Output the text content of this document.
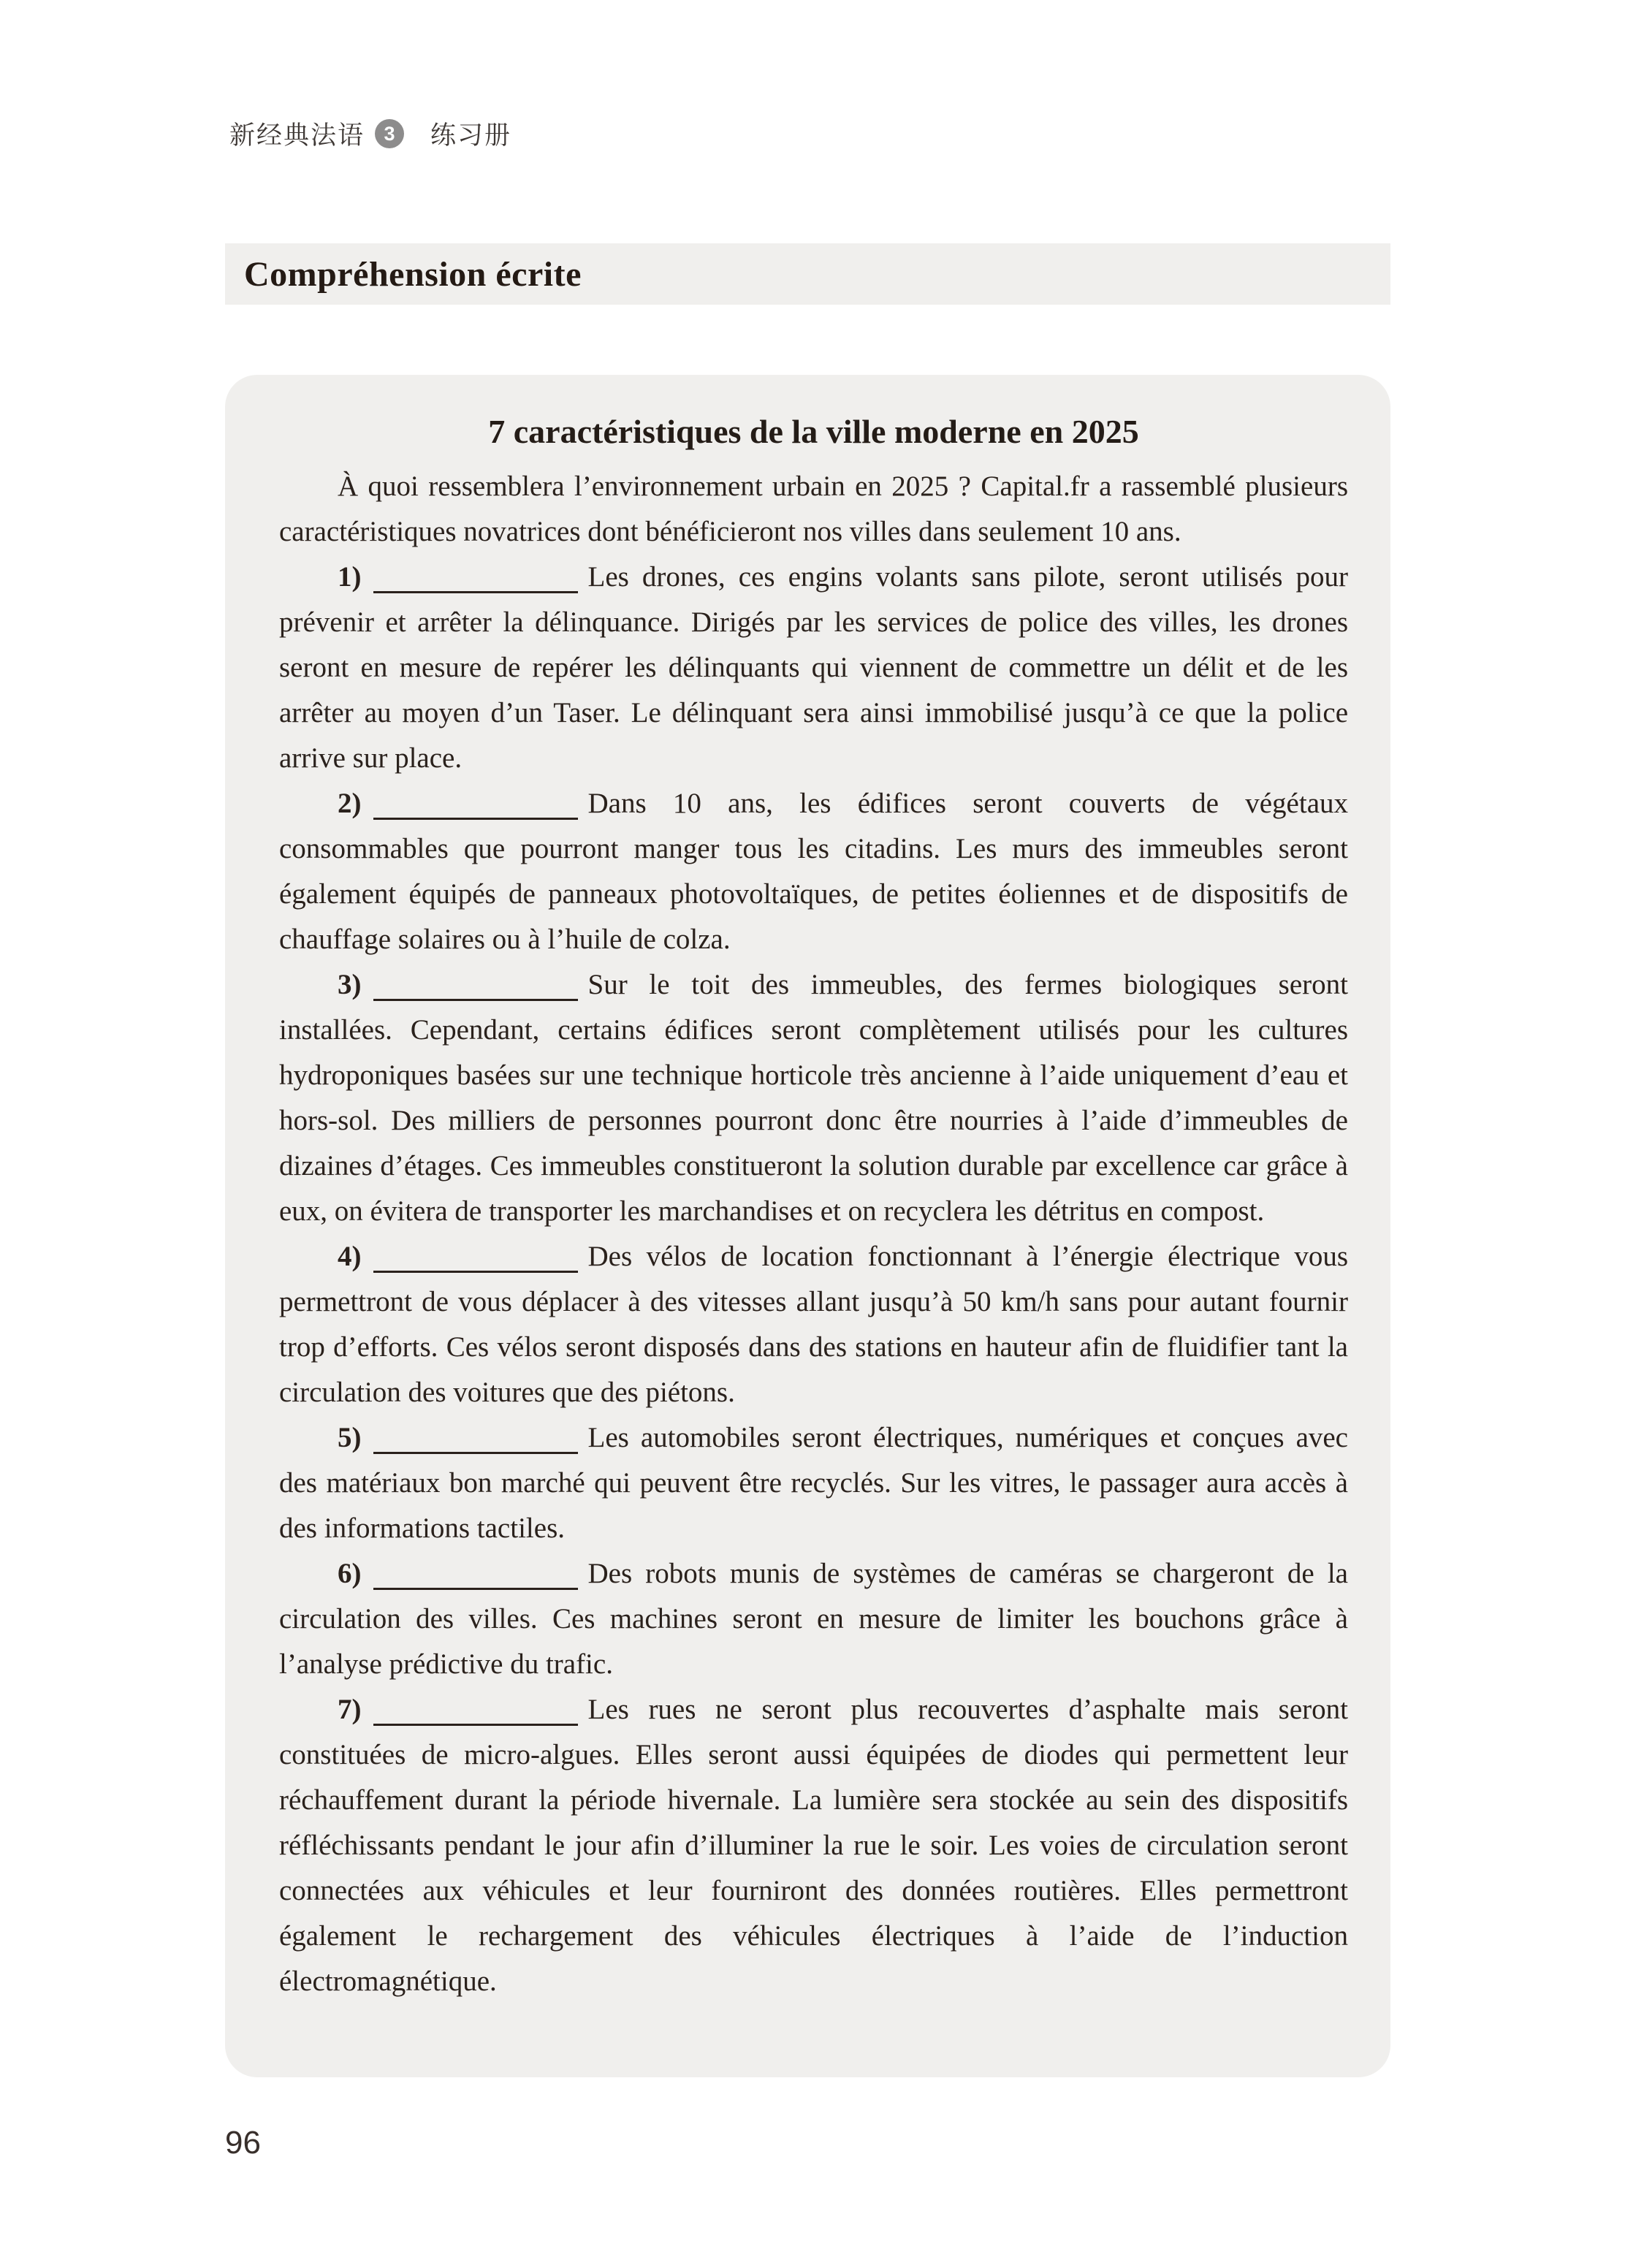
新经典法语 3 练习册
Compréhension écrite
7 caractéristiques de la ville moderne en 2025

À quoi ressemblera l’environnement urbain en 2025 ? Capital.fr a rassemblé plusieurs caractéristiques novatrices dont bénéficieront nos villes dans seulement 10 ans.

1)	Les drones, ces engins volants sans pilote, seront utilisés pour prévenir et arrêter la délinquance. Dirigés par les services de police des villes, les drones seront en mesure de repérer les délinquants qui viennent de commettre un délit et de les arrêter au moyen d’un Taser. Le délinquant sera ainsi immobilisé jusqu’à ce que la police arrive sur place.

2)	Dans 10 ans, les édifices seront couverts de végétaux consommables que pourront manger tous les citadins. Les murs des immeubles seront également équipés de panneaux photovoltaïques, de petites éoliennes et de dispositifs de chauffage solaires ou à l’huile de colza.

3)	Sur le toit des immeubles, des fermes biologiques seront installées. Cependant, certains édifices seront complètement utilisés pour les cultures hydroponiques basées sur une technique horticole très ancienne à l’aide uniquement d’eau et hors-sol. Des milliers de personnes pourront donc être nourries à l’aide d’immeubles de dizaines d’étages. Ces immeubles constitueront la solution durable par excellence car grâce à eux, on évitera de transporter les marchandises et on recyclera les détritus en compost.

4)	Des vélos de location fonctionnant à l’énergie électrique vous permettront de vous déplacer à des vitesses allant jusqu’à 50 km/h sans pour autant fournir trop d’efforts. Ces vélos seront disposés dans des stations en hauteur afin de fluidifier tant la circulation des voitures que des piétons.

5)	Les automobiles seront électriques, numériques et conçues avec des matériaux bon marché qui peuvent être recyclés. Sur les vitres, le passager aura accès à des informations tactiles.

6)	Des robots munis de systèmes de caméras se chargeront de la circulation des villes. Ces machines seront en mesure de limiter les bouchons grâce à l’analyse prédictive du trafic.

7)	Les rues ne seront plus recouvertes d’asphalte mais seront constituées de micro-algues. Elles seront aussi équipées de diodes qui permettent leur réchauffement durant la période hivernale. La lumière sera stockée au sein des dispositifs réfléchissants pendant le jour afin d’illuminer la rue le soir. Les voies de circulation seront connectées aux véhicules et leur fourniront des données routières. Elles permettront également le rechargement des véhicules électriques à l’aide de l’induction électromagnétique.

96
